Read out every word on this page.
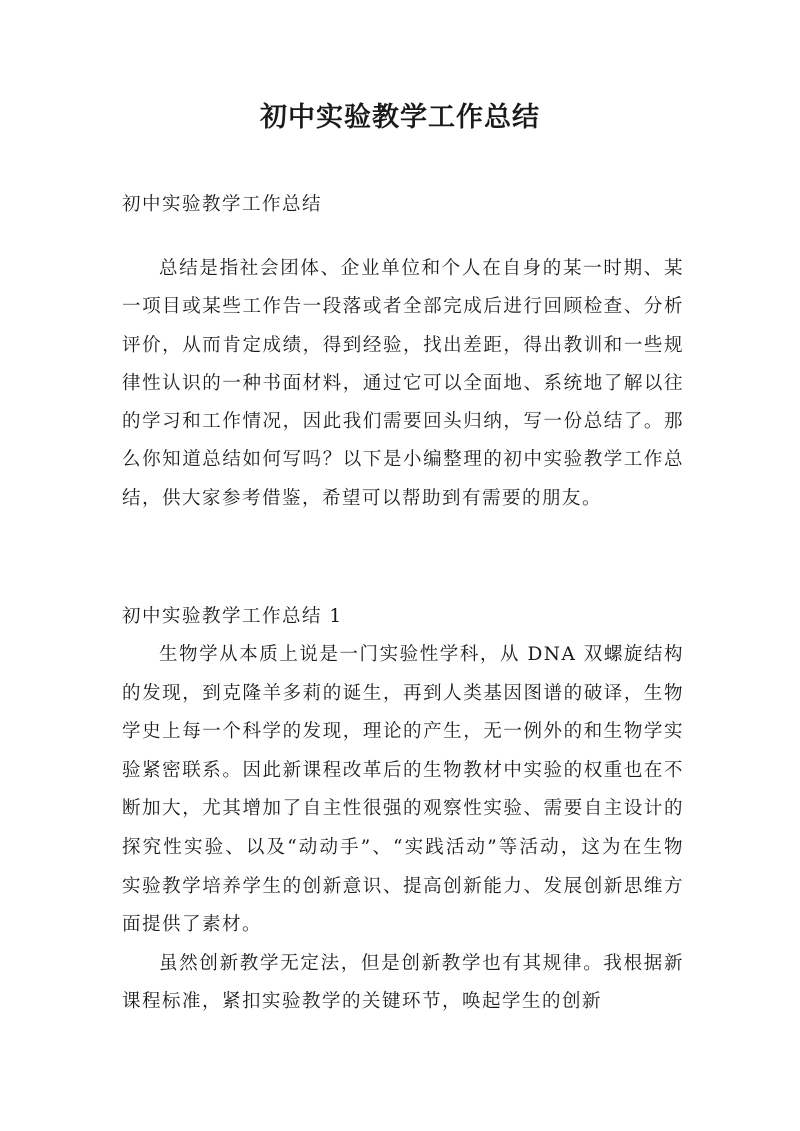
初中实验教学工作总结

初中实验教学工作总结

总结是指社会团体、企业单位和个人在自身的某一时期、某一项目或某些工作告一段落或者全部完成后进行回顾检查、分析评价，从而肯定成绩，得到经验，找出差距，得出教训和一些规律性认识的一种书面材料，通过它可以全面地、系统地了解以往的学习和工作情况，因此我们需要回头归纳，写一份总结了。那么你知道总结如何写吗？以下是小编整理的初中实验教学工作总结，供大家参考借鉴，希望可以帮助到有需要的朋友。

初中实验教学工作总结 1

生物学从本质上说是一门实验性学科，从 DNA 双螺旋结构的发现，到克隆羊多莉的诞生，再到人类基因图谱的破译，生物学史上每一个科学的发现，理论的产生，无一例外的和生物学实验紧密联系。因此新课程改革后的生物教材中实验的权重也在不断加大，尤其增加了自主性很强的观察性实验、需要自主设计的探究性实验、以及“动动手”、“实践活动”等活动，这为在生物实验教学培养学生的创新意识、提高创新能力、发展创新思维方面提供了素材。

虽然创新教学无定法，但是创新教学也有其规律。我根据新课程标准，紧扣实验教学的关键环节，唤起学生的创新
